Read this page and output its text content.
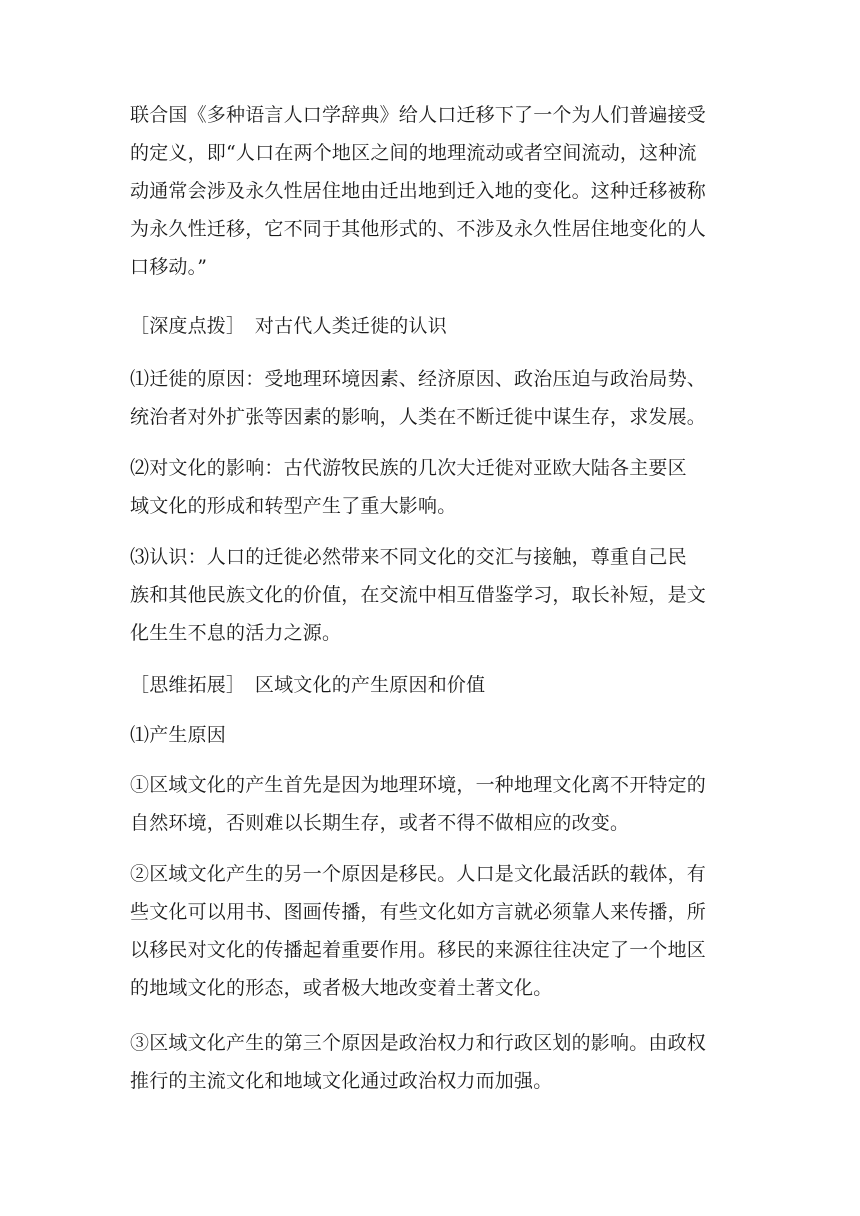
联合国《多种语言人口学辞典》给人口迁移下了一个为人们普遍接受
的定义，即“人口在两个地区之间的地理流动或者空间流动，这种流
动通常会涉及永久性居住地由迁出地到迁入地的变化。这种迁移被称
为永久性迁移，它不同于其他形式的、不涉及永久性居住地变化的人
口移动。”
［深度点拨］　对古代人类迁徙的认识
⑴迁徙的原因：受地理环境因素、经济原因、政治压迫与政治局势、
统治者对外扩张等因素的影响，人类在不断迁徙中谋生存，求发展。
⑵对文化的影响：古代游牧民族的几次大迁徙对亚欧大陆各主要区
域文化的形成和转型产生了重大影响。
⑶认识：人口的迁徙必然带来不同文化的交汇与接触，尊重自己民
族和其他民族文化的价值，在交流中相互借鉴学习，取长补短，是文
化生生不息的活力之源。
［思维拓展］　区域文化的产生原因和价值
⑴产生原因
①区域文化的产生首先是因为地理环境，一种地理文化离不开特定的
自然环境，否则难以长期生存，或者不得不做相应的改变。
②区域文化产生的另一个原因是移民。人口是文化最活跃的载体，有
些文化可以用书、图画传播，有些文化如方言就必须靠人来传播，所
以移民对文化的传播起着重要作用。移民的来源往往决定了一个地区
的地域文化的形态，或者极大地改变着土著文化。
③区域文化产生的第三个原因是政治权力和行政区划的影响。由政权
推行的主流文化和地域文化通过政治权力而加强。
